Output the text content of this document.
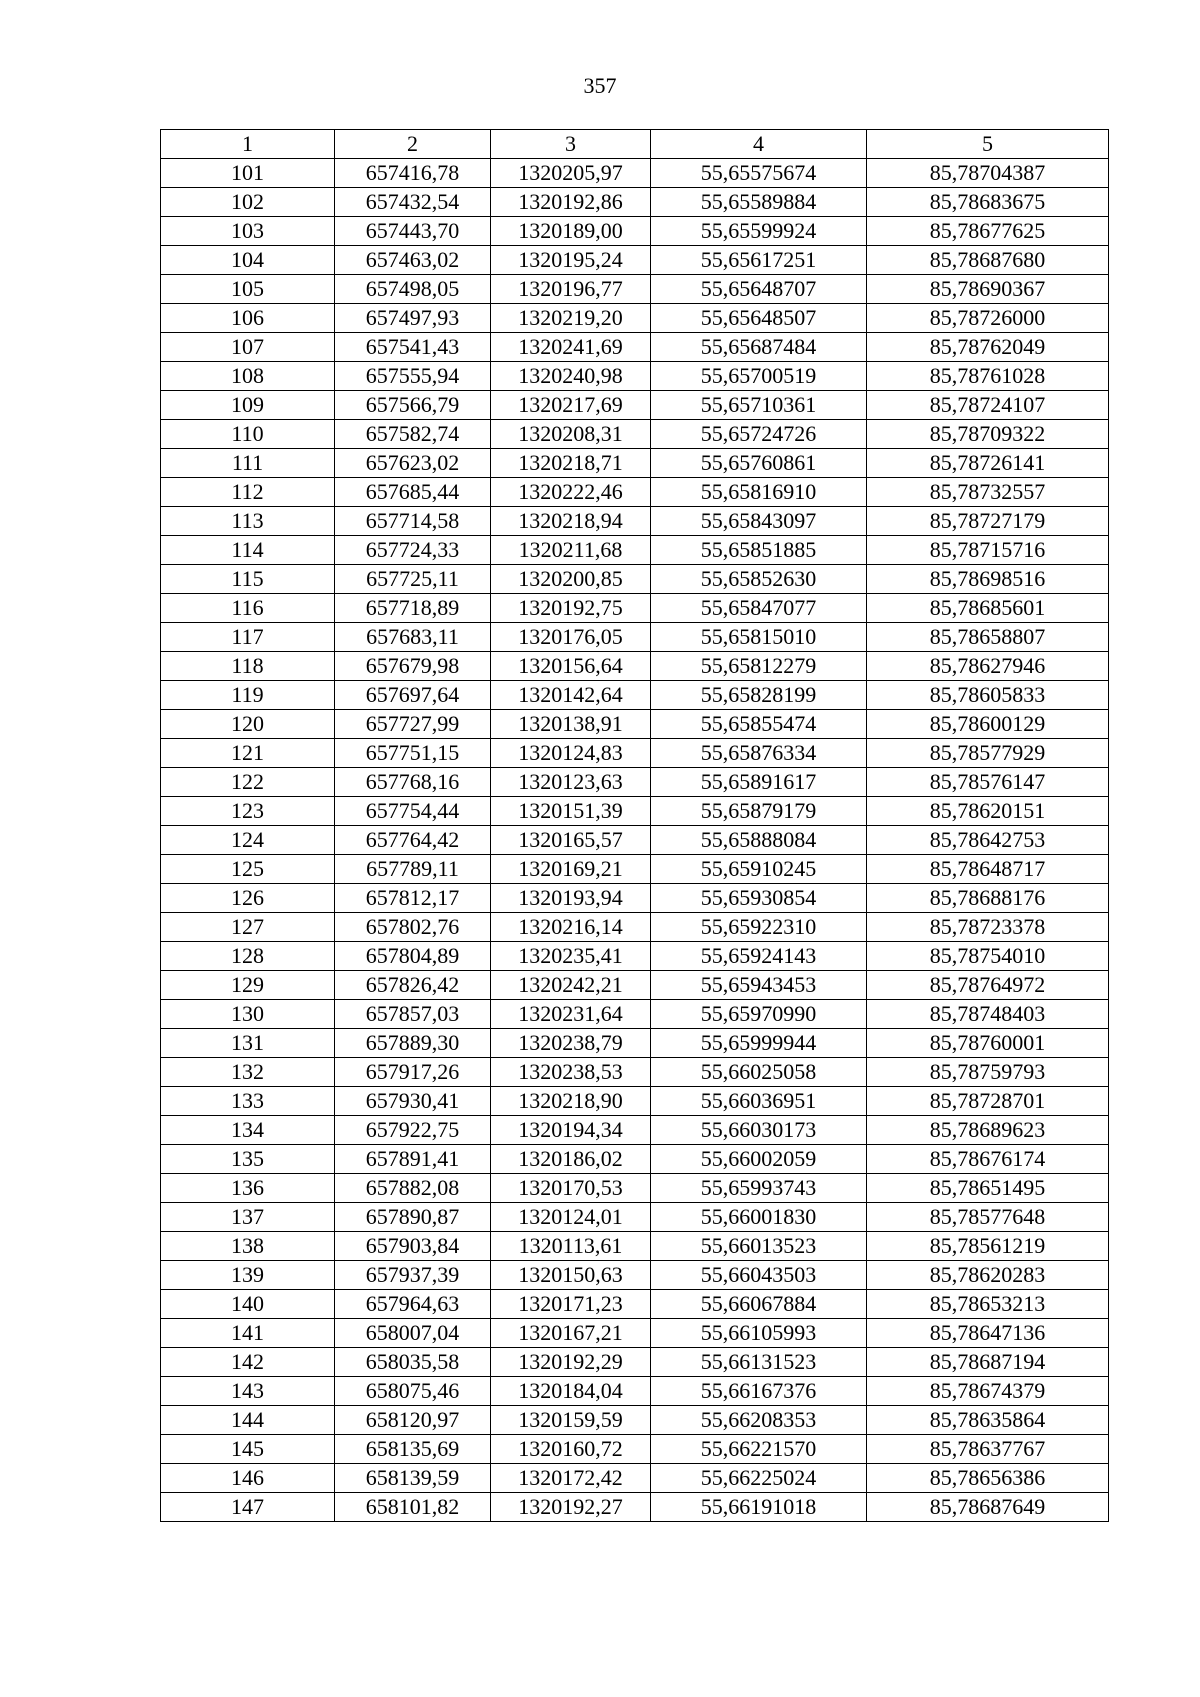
357
1	2	3	4	5
101	657416,78	1320205,97	55,65575674	85,78704387
102	657432,54	1320192,86	55,65589884	85,78683675
103	657443,70	1320189,00	55,65599924	85,78677625
104	657463,02	1320195,24	55,65617251	85,78687680
105	657498,05	1320196,77	55,65648707	85,78690367
106	657497,93	1320219,20	55,65648507	85,78726000
107	657541,43	1320241,69	55,65687484	85,78762049
108	657555,94	1320240,98	55,65700519	85,78761028
109	657566,79	1320217,69	55,65710361	85,78724107
110	657582,74	1320208,31	55,65724726	85,78709322
111	657623,02	1320218,71	55,65760861	85,78726141
112	657685,44	1320222,46	55,65816910	85,78732557
113	657714,58	1320218,94	55,65843097	85,78727179
114	657724,33	1320211,68	55,65851885	85,78715716
115	657725,11	1320200,85	55,65852630	85,78698516
116	657718,89	1320192,75	55,65847077	85,78685601
117	657683,11	1320176,05	55,65815010	85,78658807
118	657679,98	1320156,64	55,65812279	85,78627946
119	657697,64	1320142,64	55,65828199	85,78605833
120	657727,99	1320138,91	55,65855474	85,78600129
121	657751,15	1320124,83	55,65876334	85,78577929
122	657768,16	1320123,63	55,65891617	85,78576147
123	657754,44	1320151,39	55,65879179	85,78620151
124	657764,42	1320165,57	55,65888084	85,78642753
125	657789,11	1320169,21	55,65910245	85,78648717
126	657812,17	1320193,94	55,65930854	85,78688176
127	657802,76	1320216,14	55,65922310	85,78723378
128	657804,89	1320235,41	55,65924143	85,78754010
129	657826,42	1320242,21	55,65943453	85,78764972
130	657857,03	1320231,64	55,65970990	85,78748403
131	657889,30	1320238,79	55,65999944	85,78760001
132	657917,26	1320238,53	55,66025058	85,78759793
133	657930,41	1320218,90	55,66036951	85,78728701
134	657922,75	1320194,34	55,66030173	85,78689623
135	657891,41	1320186,02	55,66002059	85,78676174
136	657882,08	1320170,53	55,65993743	85,78651495
137	657890,87	1320124,01	55,66001830	85,78577648
138	657903,84	1320113,61	55,66013523	85,78561219
139	657937,39	1320150,63	55,66043503	85,78620283
140	657964,63	1320171,23	55,66067884	85,78653213
141	658007,04	1320167,21	55,66105993	85,78647136
142	658035,58	1320192,29	55,66131523	85,78687194
143	658075,46	1320184,04	55,66167376	85,78674379
144	658120,97	1320159,59	55,66208353	85,78635864
145	658135,69	1320160,72	55,66221570	85,78637767
146	658139,59	1320172,42	55,66225024	85,78656386
147	658101,82	1320192,27	55,66191018	85,78687649
